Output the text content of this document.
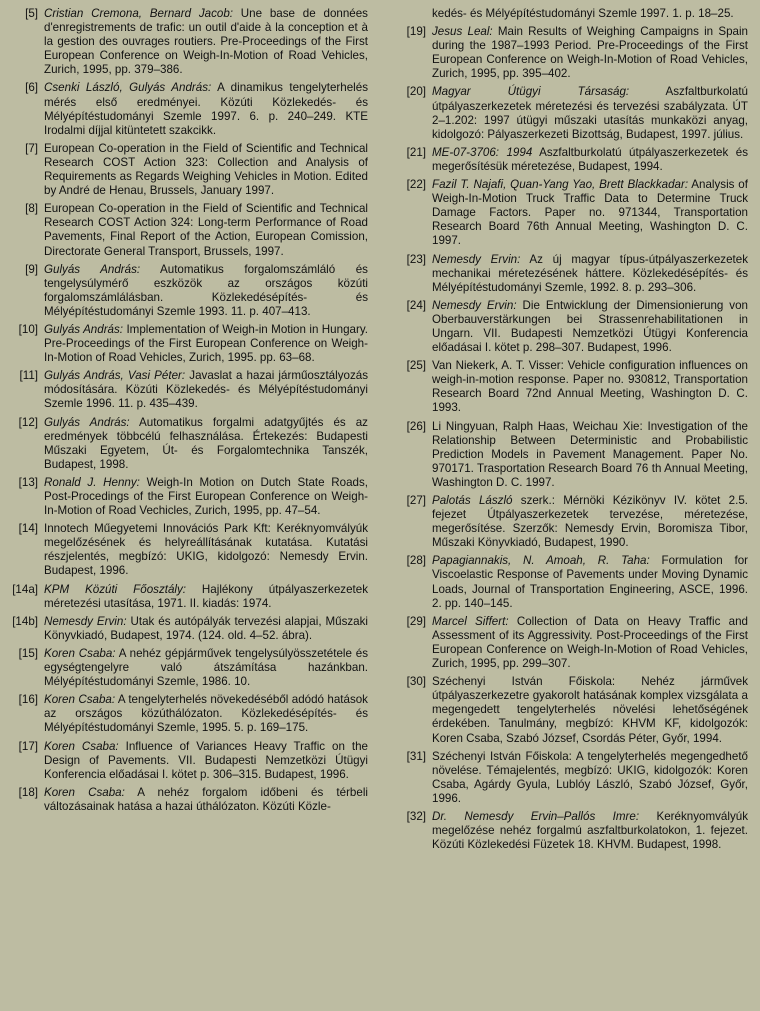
[5] Cristian Cremona, Bernard Jacob: Une base de données d'enregistrements de trafic: un outil d'aide à la conception et à la gestion des ouvrages routiers. Pre-Proceedings of the First European Conference on Weigh-In-Motion of Road Vehicles, Zurich, 1995, pp. 379–386.
[6] Csenki László, Gulyás András: A dinamikus tengelyterhelés mérés első eredményei. Közúti Közlekedés- és Mélyépítéstudományi Szemle 1997. 6. p. 240–249. KTE Irodalmi díjjal kitüntetett szakcikk.
[7] European Co-operation in the Field of Scientific and Technical Research COST Action 323: Collection and Analysis of Requirements as Regards Weighing Vehicles in Motion. Edited by André de Henau, Brussels, January 1997.
[8] European Co-operation in the Field of Scientific and Technical Research COST Action 324: Long-term Performance of Road Pavements, Final Report of the Action, European Comission, Directorate General Transport, Brussels, 1997.
[9] Gulyás András: Automatikus forgalomszámláló és tengelysúlymérő eszközök az országos közúti forgalomszámlálásban. Közlekedésépítés- és Mélyépítéstudományi Szemle 1993. 11. p. 407–413.
[10] Gulyás András: Implementation of Weigh-in Motion in Hungary. Pre-Proceedings of the First European Conference on Weigh-In-Motion of Road Vehicles, Zurich, 1995. pp. 63–68.
[11] Gulyás András, Vasi Péter: Javaslat a hazai járműosztályozás módosítására. Közúti Közlekedés- és Mélyépítéstudományi Szemle 1996. 11. p. 435–439.
[12] Gulyás András: Automatikus forgalmi adatgyűjtés és az eredmények többcélú felhasználása. Értekezés: Budapesti Műszaki Egyetem, Út- és Forgalomtechnika Tanszék, Budapest, 1998.
[13] Ronald J. Henny: Weigh-In Motion on Dutch State Roads, Post-Procedings of the First European Conference on Weigh-In-Motion of Road Vechicles, Zurich, 1995, pp. 47–54.
[14] Innotech Műegyetemi Innovációs Park Kft: Keréknyomvályúk megelőzésének és helyreállításának kutatása. Kutatási részjelentés, megbízó: UKIG, kidolgozó: Nemesdy Ervin. Budapest, 1996.
[14a] KPM Közúti Főosztály: Hajlékony útpályaszerkezetek méretezési utasítása, 1971. II. kiadás: 1974.
[14b] Nemesdy Ervin: Utak és autópályák tervezési alapjai, Műszaki Könyvkiadó, Budapest, 1974. (124. old. 4–52. ábra).
[15] Koren Csaba: A nehéz gépjárművek tengelysúlyösszetétele és egységtengelyre való átszámítása hazánkban. Mélyépítéstudományi Szemle, 1986. 10.
[16] Koren Csaba: A tengelyterhelés növekedéséből adódó hatások az országos közúthálózaton. Közlekedésépítés- és Mélyépítéstudományi Szemle, 1995. 5. p. 169–175.
[17] Koren Csaba: Influence of Variances Heavy Traffic on the Design of Pavements. VII. Budapesti Nemzetközi Útügyi Konferencia előadásai I. kötet p. 306–315. Budapest, 1996.
[18] Koren Csaba: A nehéz forgalom időbeni és térbeli változásainak hatása a hazai úthálózaton. Közúti Közle-
kedés- és Mélyépítéstudományi Szemle 1997. 1. p. 18–25.
[19] Jesus Leal: Main Results of Weighing Campaigns in Spain during the 1987–1993 Period. Pre-Proceedings of the First European Conference on Weigh-In-Motion of Road Vehicles, Zurich, 1995, pp. 395–402.
[20] Magyar Útügyi Társaság: Aszfaltburkolatú útpályaszerkezetek méretezési és tervezési szabályzata. ÚT 2–1.202: 1997 útügyi műszaki utasítás munkaközi anyag, kidolgozó: Pályaszerkezeti Bizottság, Budapest, 1997. július.
[21] ME-07-3706: 1994 Aszfaltburkolatú útpályaszerkezetek és megerősítésük méretezése, Budapest, 1994.
[22] Fazil T. Najafi, Quan-Yang Yao, Brett Blackkadar: Analysis of Weigh-In-Motion Truck Traffic Data to Determine Truck Damage Factors. Paper no. 971344, Transportation Research Board 76th Annual Meeting, Washington D. C. 1997.
[23] Nemesdy Ervin: Az új magyar típus-útpályaszerkezetek mechanikai méretezésének háttere. Közlekedésépítés- és Mélyépítéstudományi Szemle, 1992. 8. p. 293–306.
[24] Nemesdy Ervin: Die Entwicklung der Dimensionierung von Oberbauverstärkungen bei Strassenrehabilitationen in Ungarn. VII. Budapesti Nemzetközi Útügyi Konferencia előadásai I. kötet p. 298–307. Budapest, 1996.
[25] Van Niekerk, A. T. Visser: Vehicle configuration influences on weigh-in-motion response. Paper no. 930812, Transportation Research Board 72nd Annual Meeting, Washington D. C. 1993.
[26] Li Ningyuan, Ralph Haas, Weichau Xie: Investigation of the Relationship Between Deterministic and Probabilistic Prediction Models in Pavement Management. Paper No. 970171. Trasportation Research Board 76 th Annual Meeting, Washington D. C. 1997.
[27] Palotás László szerk.: Mérnöki Kézikönyv IV. kötet 2.5. fejezet Útpályaszerkezetek tervezése, méretezése, megerősítése. Szerzők: Nemesdy Ervin, Boromisza Tibor, Műszaki Könyvkiadó, Budapest, 1990.
[28] Papagiannakis, N. Amoah, R. Taha: Formulation for Viscoelastic Response of Pavements under Moving Dynamic Loads, Journal of Transportation Engineering, ASCE, 1996. 2. pp. 140–145.
[29] Marcel Siffert: Collection of Data on Heavy Traffic and Assessment of its Aggressivity. Post-Proceedings of the First European Conference on Weigh-In-Motion of Road Vehicles, Zurich, 1995, pp. 299–307.
[30] Széchenyi István Főiskola: Nehéz járművek útpályaszerkezetre gyakorolt hatásának komplex vizsgálata a megengedett tengelyterhelés növelési lehetőségének érdekében. Tanulmány, megbízó: KHVM KF, kidolgozók: Koren Csaba, Szabó József, Csordás Péter, Győr, 1994.
[31] Széchenyi István Főiskola: A tengelyterhelés megengedhető növelése. Témajelentés, megbízó: UKIG, kidolgozók: Koren Csaba, Agárdy Gyula, Lublóy László, Szabó József, Győr, 1996.
[32] Dr. Nemesdy Ervin–Pallós Imre: Keréknyomvályúk megelőzése nehéz forgalmú aszfaltburkolatokon, 1. fejezet. Közúti Közlekedési Füzetek 18. KHVM. Budapest, 1998.
